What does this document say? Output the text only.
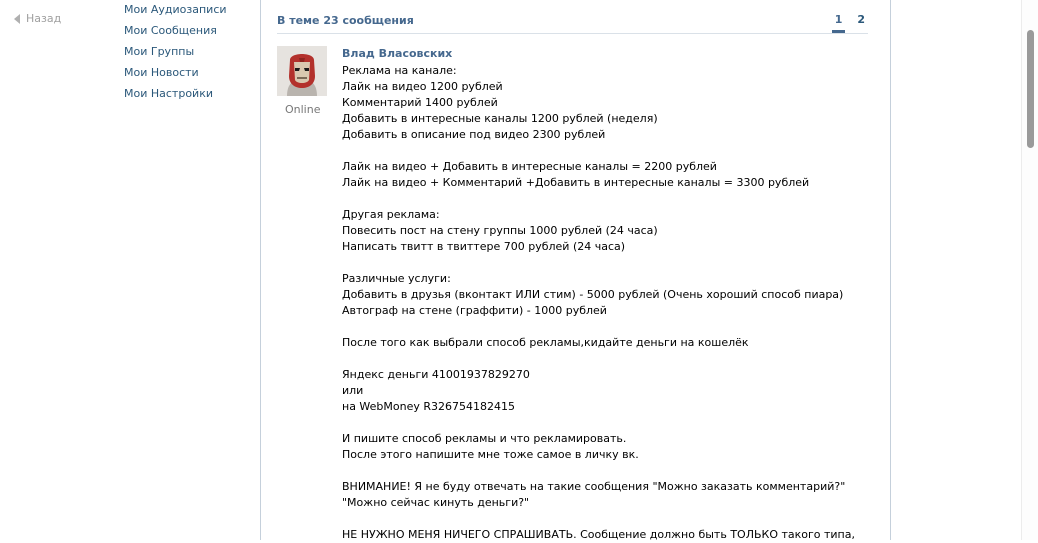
Назад
Мои Аудиозаписи
Мои Сообщения
Мои Группы
Мои Новости
Мои Настройки
В теме 23 сообщения	1 2
Online
Влад Власовских
Реклама на канале:
Лайк на видео 1200 рублей
Комментарий 1400 рублей
Добавить в интересные каналы 1200 рублей (неделя)
Добавить в описание под видео 2300 рублей
Лайк на видео + Добавить в интересные каналы = 2200 рублей
Лайк на видео + Комментарий +Добавить в интересные каналы = 3300 рублей
Другая реклама:
Повесить пост на стену группы 1000 рублей (24 часа)
Написать твитт в твиттере 700 рублей (24 часа)
Различные услуги:
Добавить в друзья (вконтакт ИЛИ стим) - 5000 рублей (Очень хороший способ пиара)
Автограф на стене (граффити) - 1000 рублей
После того как выбрали способ рекламы,кидайте деньги на кошелёк
Яндекс деньги 41001937829270
или
на WebMoney R326754182415
И пишите способ рекламы и что рекламировать.
После этого напишите мне тоже самое в личку вк.
ВНИМАНИЕ! Я не буду отвечать на такие сообщения "Можно заказать комментарий?" "Можно сейчас кинуть деньги?"
НЕ НУЖНО МЕНЯ НИЧЕГО СПРАШИВАТЬ. Сообщение должно быть ТОЛЬКО такого типа,
